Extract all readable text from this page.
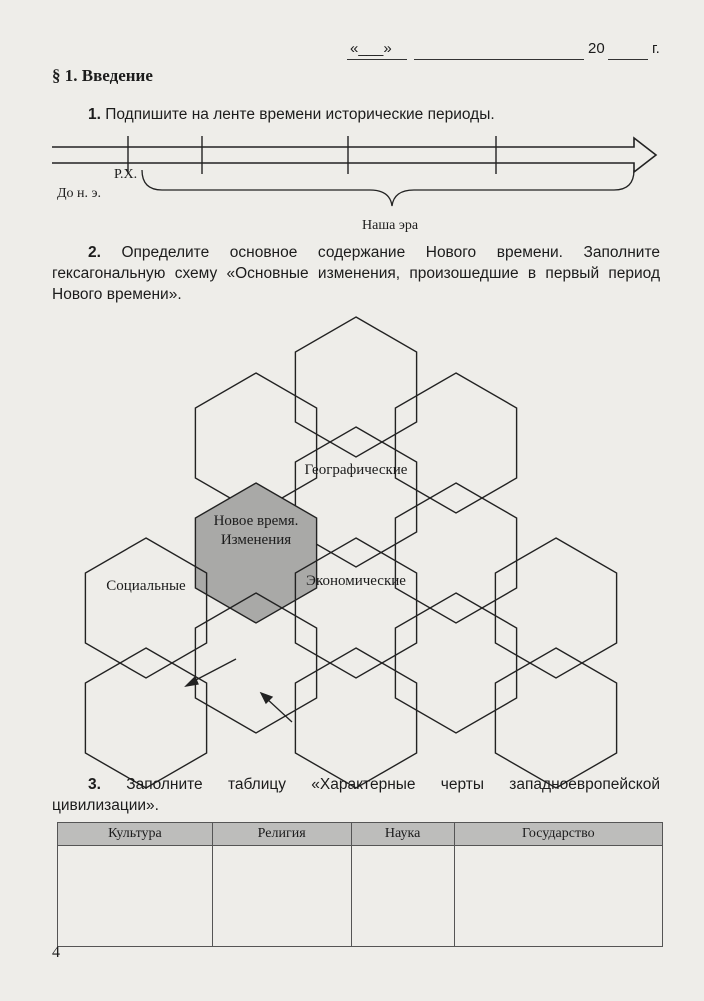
«___»	20	г.
§ 1. Введение
1. Подпишите на ленте времени исторические периоды.
Р.Х.
До н. э.
Наша эра
2. Определите основное содержание Нового времени. Заполните гексагональную схему «Основные изменения, произошедшие в первый период Нового времени».
Новое время.
Изменения
Географические
Социальные	Экономические
3. Заполните таблицу «Характерные черты западноевропейской цивилизации».
Культура	Религия	Наука	Государство

4
